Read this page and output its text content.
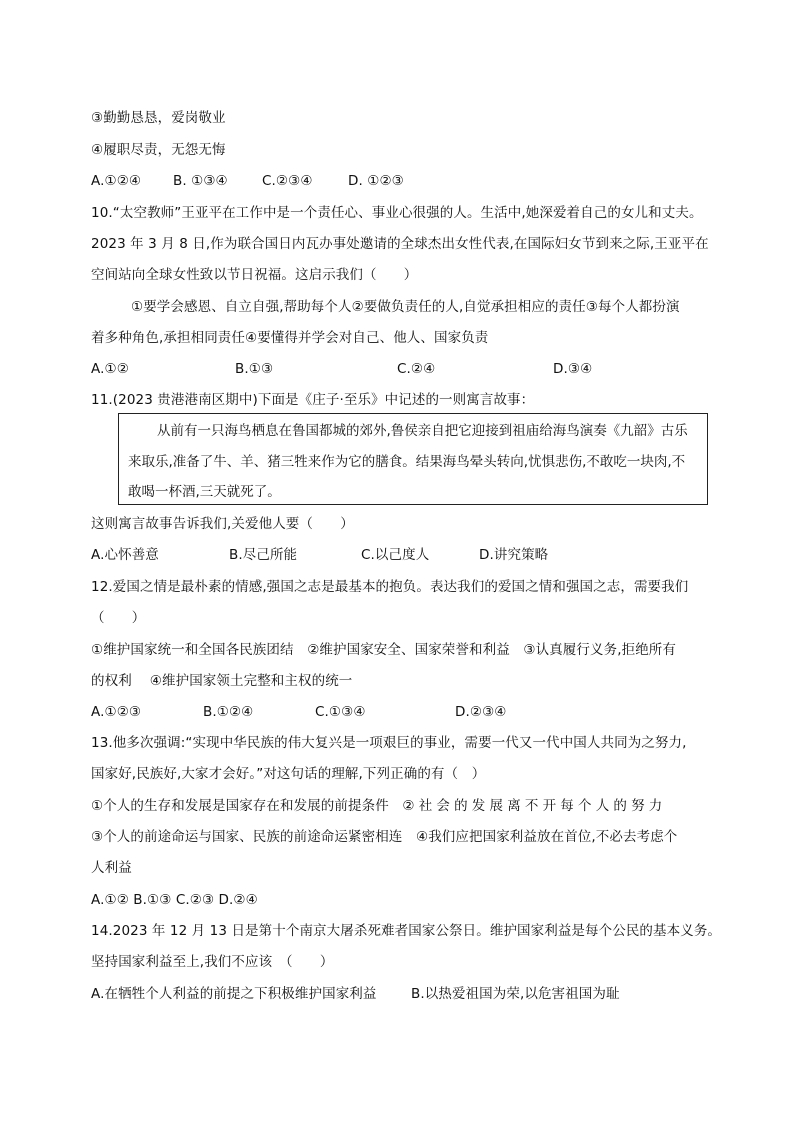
③勤勤恳恳，爱岗敬业
④履职尽责，无怨无悔
A.①②④ B. ①③④	C.②③④	D. ①②③
10.“太空教师”王亚平在工作中是一个责任心、事业心很强的人。生活中,她深爱着自己的女儿和丈夫。
2023 年 3 月 8 日,作为联合国日内瓦办事处邀请的全球杰出女性代表,在国际妇女节到来之际,王亚平在
空间站向全球女性致以节日祝福。这启示我们（　　）
①要学会感恩、自立自强,帮助每个人②要做负责任的人,自觉承担相应的责任③每个人都扮演
着多种角色,承担相同责任④要懂得并学会对自己、他人、国家负责
A.①②	B.①③	C.②④	D.③④
11.(2023 贵港港南区期中)下面是《庄子·至乐》中记述的一则寓言故事：
从前有一只海鸟栖息在鲁国都城的郊外,鲁侯亲自把它迎接到祖庙给海鸟演奏《九韶》古乐
来取乐,准备了牛、羊、猪三牲来作为它的膳食。结果海鸟晕头转向,忧惧悲伤,不敢吃一块肉,不
敢喝一杯酒,三天就死了。
这则寓言故事告诉我们,关爱他人要（　　）
A.心怀善意	B.尽己所能	C.以己度人	D.讲究策略
12.爱国之情是最朴素的情感,强国之志是最基本的抱负。表达我们的爱国之情和强国之志，需要我们
（　　）
①维护国家统一和全国各民族团结　②维护国家安全、国家荣誉和利益　③认真履行义务,拒绝所有
的权利　 ④维护国家领土完整和主权的统一
A.①②③	B.①②④	C.①③④	D.②③④
13.他多次强调:“实现中华民族的伟大复兴是一项艰巨的事业，需要一代又一代中国人共同为之努力,
国家好,民族好,大家才会好。”对这句话的理解,下列正确的有（　）
①个人的生存和发展是国家存在和发展的前提条件　②社会的发展离不开每个人的努力
③个人的前途命运与国家、民族的前途命运紧密相连　④我们应把国家利益放在首位,不必去考虑个
人利益
A.①② B.①③ C.②③ D.②④
14.2023 年 12 月 13 日是第十个南京大屠杀死难者国家公祭日。维护国家利益是每个公民的基本义务。
坚持国家利益至上,我们不应该　（　　）
A.在牺牲个人利益的前提之下积极维护国家利益	B.以热爱祖国为荣,以危害祖国为耻
